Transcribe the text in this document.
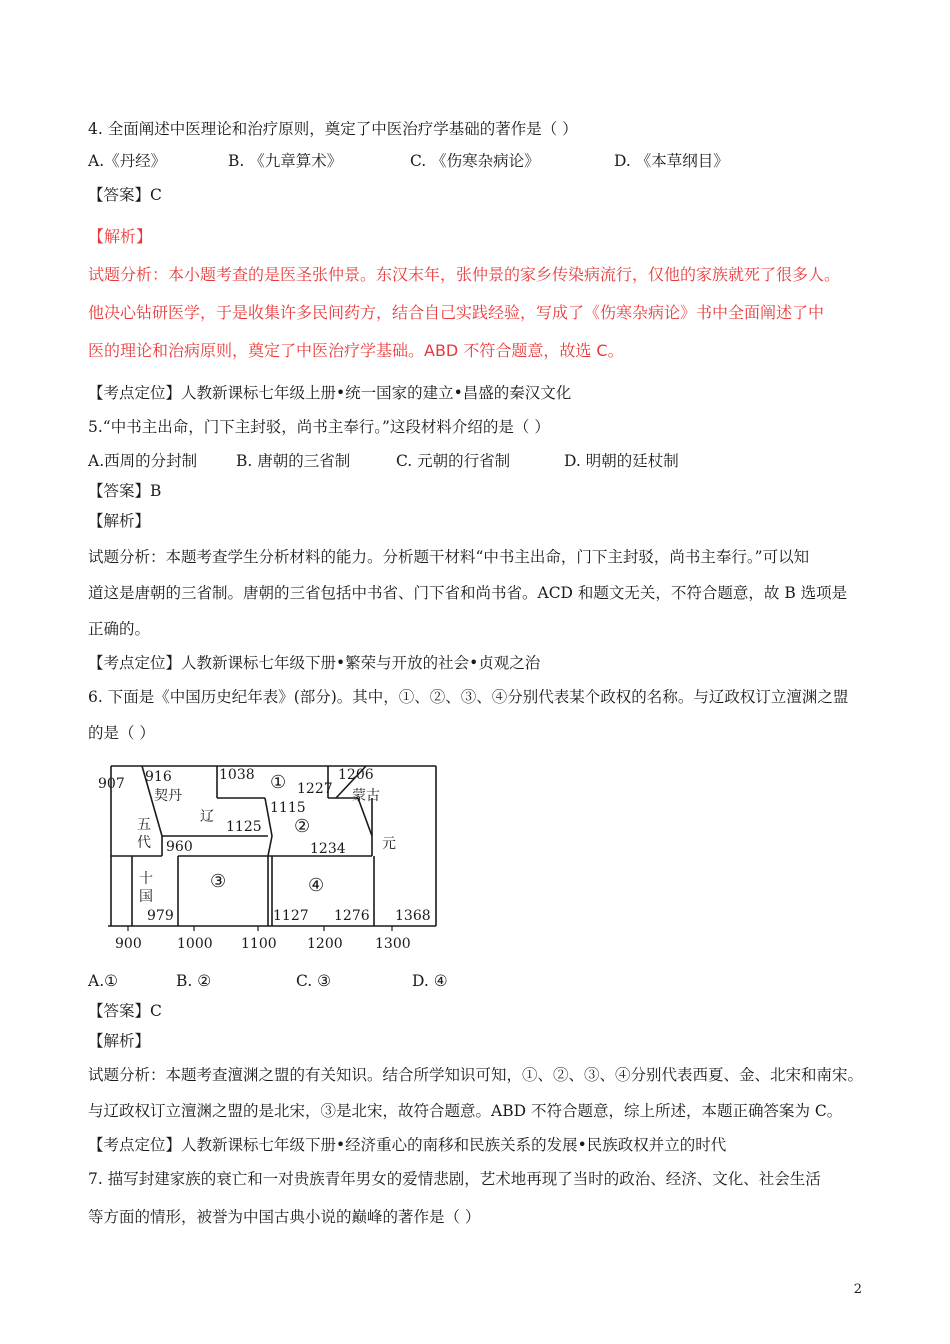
4. 全面阐述中医理论和治疗原则，奠定了中医治疗学基础的著作是（ ）
A.《丹经》	B. 《九章算术》	C. 《伤寒杂病论》	D. 《本草纲目》
【答案】C
【解析】
试题分析：本小题考查的是医圣张仲景。东汉末年，张仲景的家乡传染病流行，仅他的家族就死了很多人。
他决心钻研医学，于是收集许多民间药方，结合自己实践经验，写成了《伤寒杂病论》书中全面阐述了中
医的理论和治病原则，奠定了中医治疗学基础。ABD 不符合题意，故选 C。
【考点定位】人教新课标七年级上册•统一国家的建立•昌盛的秦汉文化
5.“中书主出命，门下主封驳，尚书主奉行。”这段材料介绍的是（ ）
A.西周的分封制	B. 唐朝的三省制	C. 元朝的行省制	D. 明朝的廷杖制
【答案】B
【解析】
试题分析：本题考查学生分析材料的能力。分析题干材料“中书主出命，门下主封驳，尚书主奉行。”可以知
道这是唐朝的三省制。唐朝的三省包括中书省、门下省和尚书省。ACD 和题文无关，不符合题意，故 B 选项是
正确的。
【考点定位】人教新课标七年级下册•繁荣与开放的社会•贞观之治
6. 下面是《中国历史纪年表》(部分)。其中，①、②、③、④分别代表某个政权的名称。与辽政权订立澶渊之盟
的是（ ）
907 916	1038
1227
1206
1115
1125
960	1234
979	1127 1276 1368
契丹
辽
蒙古
五
代
十
国
元
①
②
③	④
900	1000 1100 1200 1300
A.①	B. ②	C. ③	D. ④
【答案】C
【解析】
试题分析：本题考查澶渊之盟的有关知识。结合所学知识可知，①、②、③、④分别代表西夏、金、北宋和南宋。
与辽政权订立澶渊之盟的是北宋，③是北宋，故符合题意。ABD 不符合题意，综上所述，本题正确答案为 C。
【考点定位】人教新课标七年级下册•经济重心的南移和民族关系的发展•民族政权并立的时代
7. 描写封建家族的衰亡和一对贵族青年男女的爱情悲剧，艺术地再现了当时的政治、经济、文化、社会生活
等方面的情形，被誉为中国古典小说的巅峰的著作是（ ）
2
